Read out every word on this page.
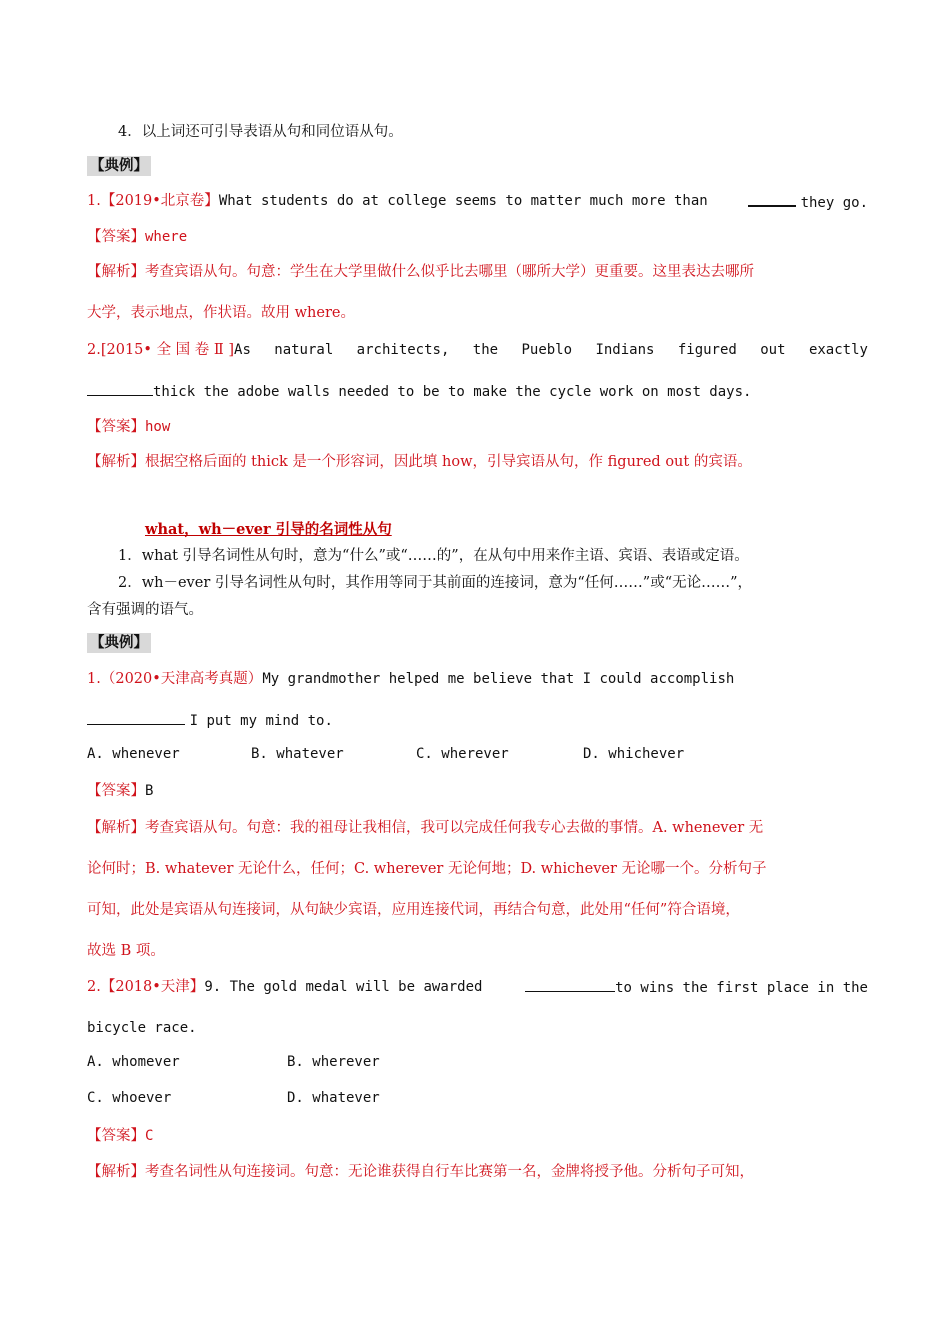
4．以上词还可引导表语从句和同位语从句。
【典例】
1.【2019•北京卷】What students do at college seems to matter much more than	they go.
【答案】where
【解析】考查宾语从句。句意：学生在大学里做什么似乎比去哪里（哪所大学）更重要。这里表达去哪所
大学，表示地点，作状语。故用 where。
2.[2015• 全 国 卷 Ⅱ ]As natural architects, the Pueblo Indians figured out exactly
thick the adobe walls needed to be to make the cycle work on most days.
【答案】how
【解析】根据空格后面的 thick 是一个形容词，因此填 how，引导宾语从句，作 figured out 的宾语。
what，wh－ever 引导的名词性从句
1．what 引导名词性从句时，意为“什么”或“……的”，在从句中用来作主语、宾语、表语或定语。
2．wh－ever 引导名词性从句时，其作用等同于其前面的连接词，意为“任何……”或“无论……”，
含有强调的语气。
【典例】
1.（2020•天津高考真题）My grandmother helped me believe that I could accomplish
I put my mind to.
A. whenever	B. whatever	C. wherever	D. whichever
【答案】B
【解析】考查宾语从句。句意：我的祖母让我相信，我可以完成任何我专心去做的事情。A. whenever 无
论何时；B. whatever 无论什么，任何；C. wherever 无论何地；D. whichever 无论哪一个。分析句子
可知，此处是宾语从句连接词，从句缺少宾语，应用连接代词，再结合句意，此处用“任何”符合语境，
故选 B 项。
2.【2018•天津】9. The gold medal will be awarded	to wins the first place in the
bicycle race.
A. whomever	B. wherever
C. whoever	D. whatever
【答案】C
【解析】考查名词性从句连接词。句意：无论谁获得自行车比赛第一名，金牌将授予他。分析句子可知，
